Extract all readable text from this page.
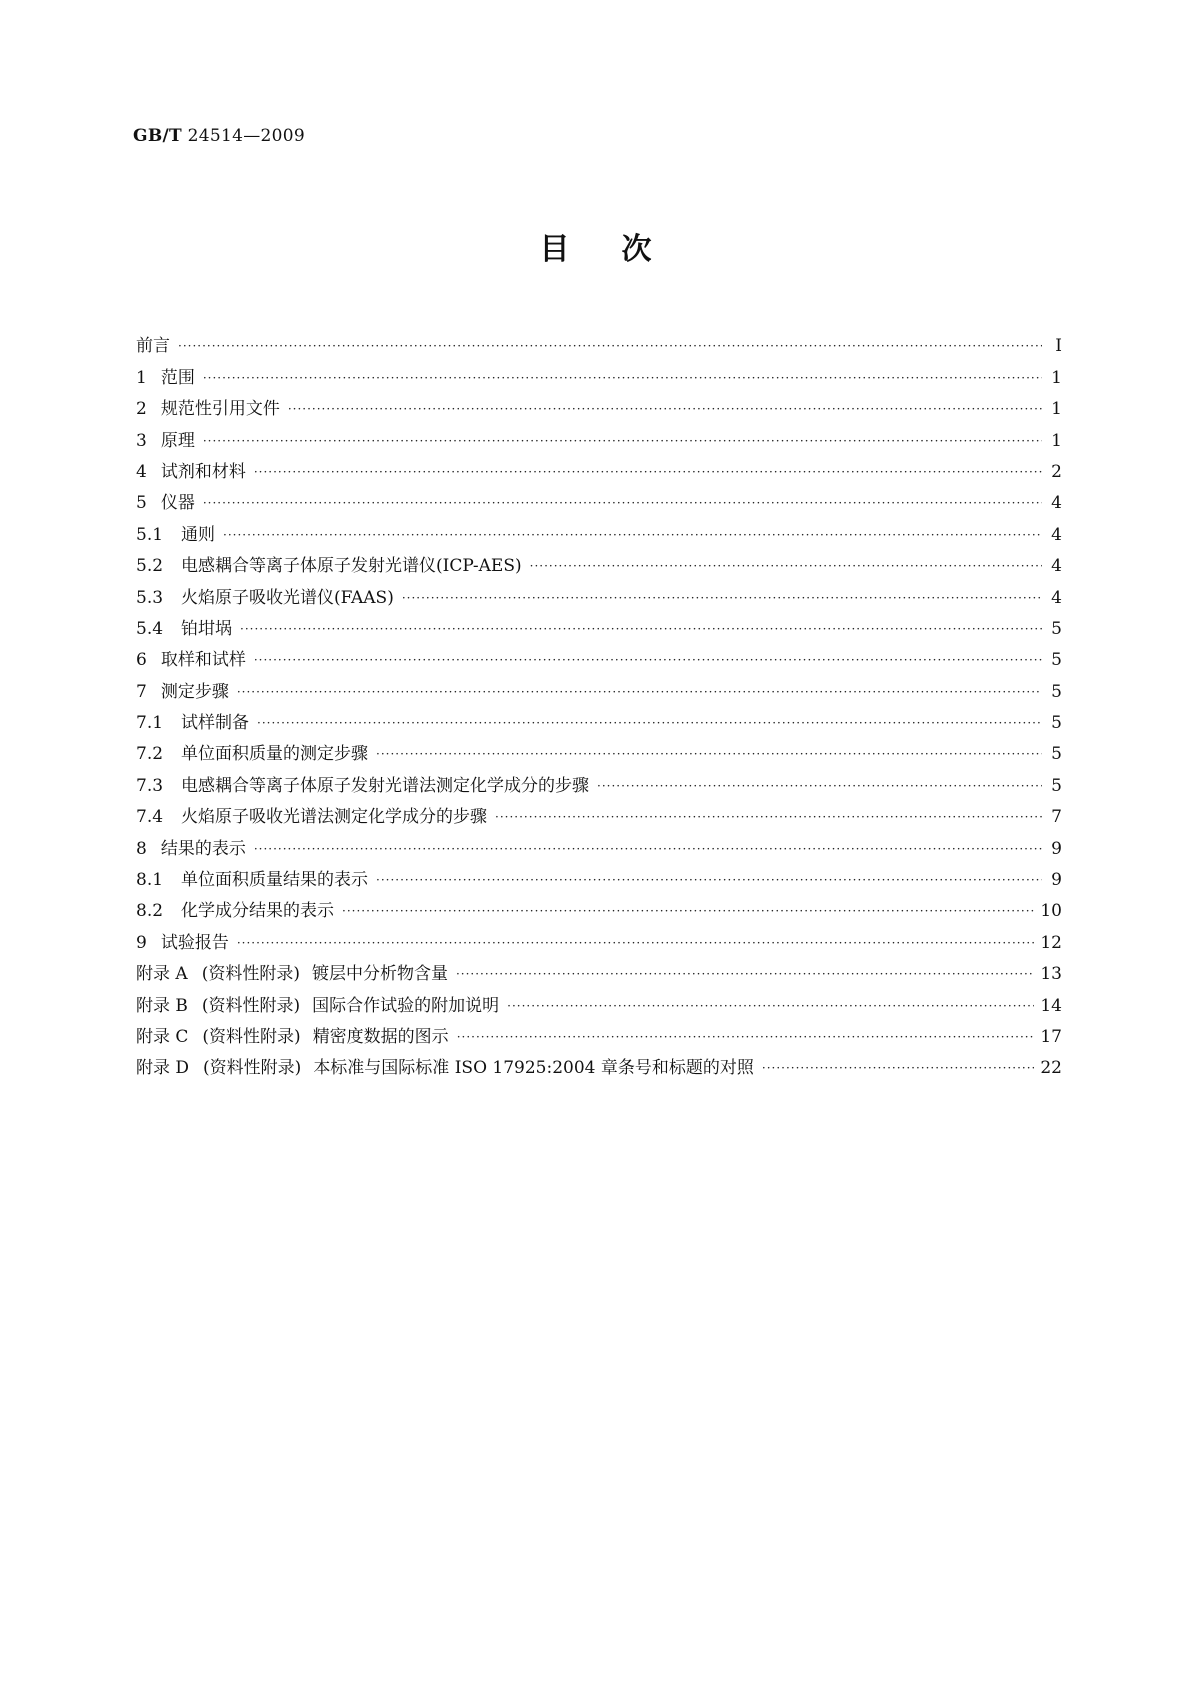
GB/T 24514—2009
目次
前言 ·····	Ⅰ
1 范围 ·····	1
2 规范性引用文件 ·····	1
3 原理 ·····	1
4 试剂和材料 ·····	2
5 仪器 ·····	4
5.1	通则 ·····	4
5.2	电感耦合等离子体原子发射光谱仪(ICP-AES) ·····	4
5.3	火焰原子吸收光谱仪(FAAS) ·····	4
5.4	铂坩埚 ·····	5
6 取样和试样 ·····	5
7 测定步骤 ·····	5
7.1	试样制备 ·····	5
7.2	单位面积质量的测定步骤 ·····	5
7.3	电感耦合等离子体原子发射光谱法测定化学成分的步骤 ·····	5
7.4	火焰原子吸收光谱法测定化学成分的步骤 ·····	7
8 结果的表示 ·····	9
8.1	单位面积质量结果的表示 ·····	9
8.2	化学成分结果的表示 ·····	10
9 试验报告 ·····	12
附录 A (资料性附录) 镀层中分析物含量 ·····	13
附录 B (资料性附录) 国际合作试验的附加说明 ·····	14
附录 C (资料性附录) 精密度数据的图示 ·····	17
附录 D (资料性附录) 本标准与国际标准 ISO 17925:2004 章条号和标题的对照 ·····	22
